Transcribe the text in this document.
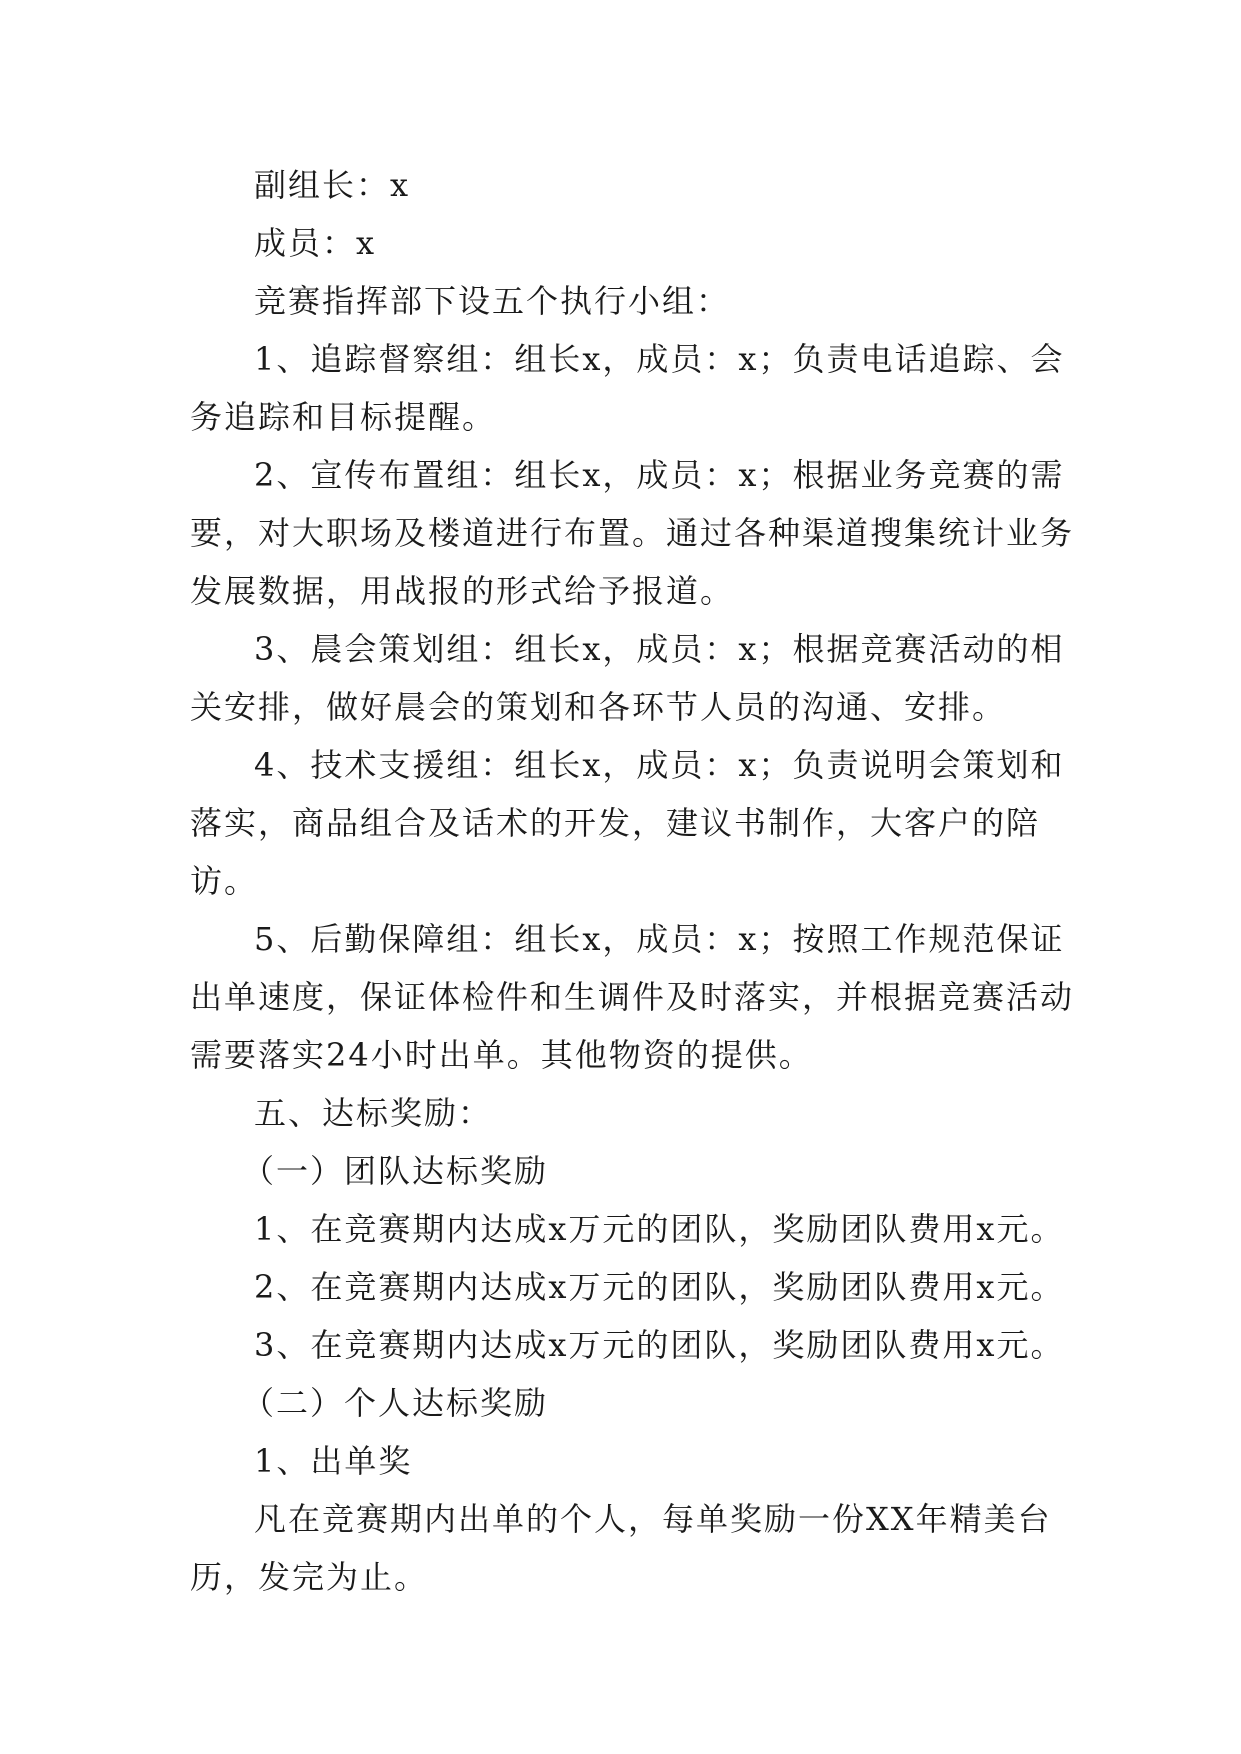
副组长：x

成员：x

竞赛指挥部下设五个执行小组：

1、追踪督察组：组长x，成员：x；负责电话追踪、会务追踪和目标提醒。

2、宣传布置组：组长x，成员：x；根据业务竞赛的需要，对大职场及楼道进行布置。通过各种渠道搜集统计业务发展数据，用战报的形式给予报道。

3、晨会策划组：组长x，成员：x；根据竞赛活动的相关安排，做好晨会的策划和各环节人员的沟通、安排。

4、技术支援组：组长x，成员：x；负责说明会策划和落实，商品组合及话术的开发，建议书制作，大客户的陪访。

5、后勤保障组：组长x，成员：x；按照工作规范保证出单速度，保证体检件和生调件及时落实，并根据竞赛活动需要落实24小时出单。其他物资的提供。

五、达标奖励：

（一）团队达标奖励

1、在竞赛期内达成x万元的团队，奖励团队费用x元。

2、在竞赛期内达成x万元的团队，奖励团队费用x元。

3、在竞赛期内达成x万元的团队，奖励团队费用x元。

（二）个人达标奖励

1、出单奖

凡在竞赛期内出单的个人，每单奖励一份XX年精美台历，发完为止。
